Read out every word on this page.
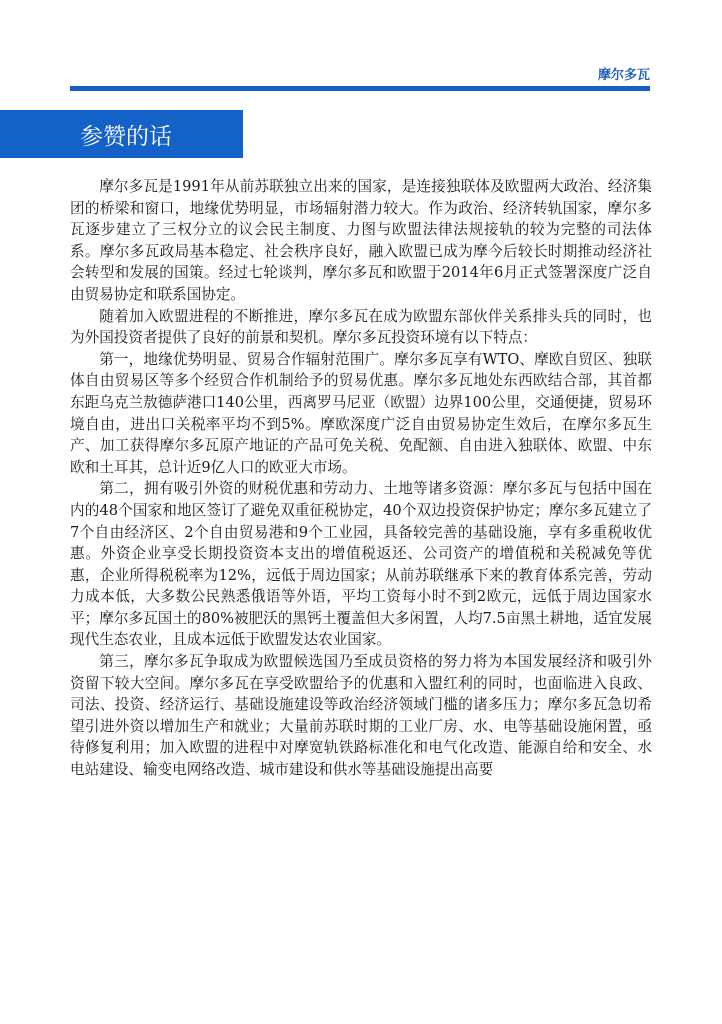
摩尔多瓦
参赞的话

摩尔多瓦是1991年从前苏联独立出来的国家，是连接独联体及欧盟两大政治、经济集团的桥梁和窗口，地缘优势明显，市场辐射潜力较大。作为政治、经济转轨国家，摩尔多瓦逐步建立了三权分立的议会民主制度、力图与欧盟法律法规接轨的较为完整的司法体系。摩尔多瓦政局基本稳定、社会秩序良好，融入欧盟已成为摩今后较长时期推动经济社会转型和发展的国策。经过七轮谈判，摩尔多瓦和欧盟于2014年6月正式签署深度广泛自由贸易协定和联系国协定。

随着加入欧盟进程的不断推进，摩尔多瓦在成为欧盟东部伙伴关系排头兵的同时，也为外国投资者提供了良好的前景和契机。摩尔多瓦投资环境有以下特点：

第一，地缘优势明显、贸易合作辐射范围广。摩尔多瓦享有WTO、摩欧自贸区、独联体自由贸易区等多个经贸合作机制给予的贸易优惠。摩尔多瓦地处东西欧结合部，其首都东距乌克兰敖德萨港口140公里，西离罗马尼亚（欧盟）边界100公里，交通便捷，贸易环境自由，进出口关税率平均不到5%。摩欧深度广泛自由贸易协定生效后，在摩尔多瓦生产、加工获得摩尔多瓦原产地证的产品可免关税、免配额、自由进入独联体、欧盟、中东欧和土耳其，总计近9亿人口的欧亚大市场。

第二，拥有吸引外资的财税优惠和劳动力、土地等诸多资源：摩尔多瓦与包括中国在内的48个国家和地区签订了避免双重征税协定，40个双边投资保护协定；摩尔多瓦建立了7个自由经济区、2个自由贸易港和9个工业园，具备较完善的基础设施，享有多重税收优惠。外资企业享受长期投资资本支出的增值税返还、公司资产的增值税和关税减免等优惠，企业所得税税率为12%，远低于周边国家；从前苏联继承下来的教育体系完善，劳动力成本低，大多数公民熟悉俄语等外语，平均工资每小时不到2欧元，远低于周边国家水平；摩尔多瓦国土的80%被肥沃的黑钙土覆盖但大多闲置，人均7.5亩黑土耕地，适宜发展现代生态农业，且成本远低于欧盟发达农业国家。

第三，摩尔多瓦争取成为欧盟候选国乃至成员资格的努力将为本国发展经济和吸引外资留下较大空间。摩尔多瓦在享受欧盟给予的优惠和入盟红利的同时，也面临进入良政、司法、投资、经济运行、基础设施建设等政治经济领域门槛的诸多压力；摩尔多瓦急切希望引进外资以增加生产和就业；大量前苏联时期的工业厂房、水、电等基础设施闲置，亟待修复利用；加入欧盟的进程中对摩宽轨铁路标准化和电气化改造、能源自给和安全、水电站建设、输变电网络改造、城市建设和供水等基础设施提出高要
